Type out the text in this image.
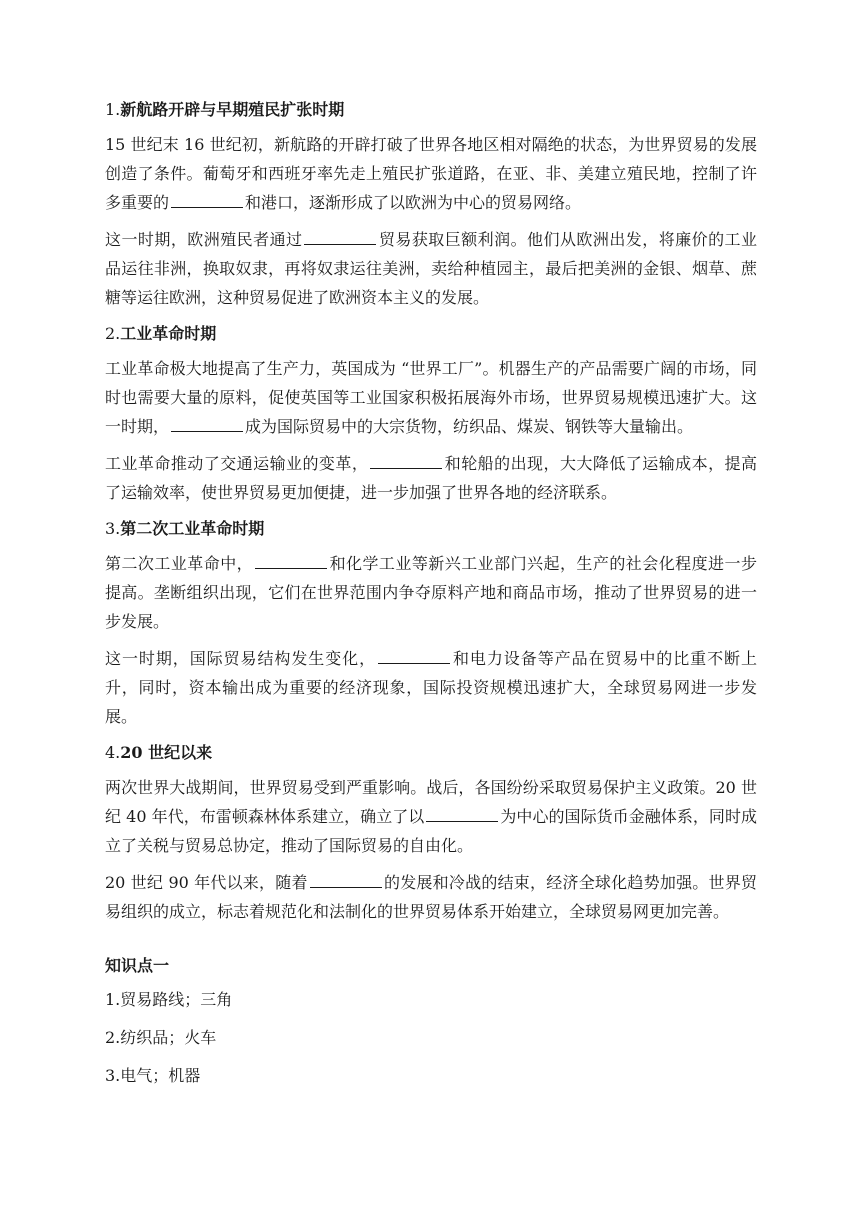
1.新航路开辟与早期殖民扩张时期

15 世纪末 16 世纪初，新航路的开辟打破了世界各地区相对隔绝的状态，为世界贸易的发展创造了条件。葡萄牙和西班牙率先走上殖民扩张道路，在亚、非、美建立殖民地，控制了许多重要的	和港口，逐渐形成了以欧洲为中心的贸易网络。

这一时期，欧洲殖民者通过	贸易获取巨额利润。他们从欧洲出发，将廉价的工业品运往非洲，换取奴隶，再将奴隶运往美洲，卖给种植园主，最后把美洲的金银、烟草、蔗糖等运往欧洲，这种贸易促进了欧洲资本主义的发展。

2.工业革命时期

工业革命极大地提高了生产力，英国成为 “世界工厂”。机器生产的产品需要广阔的市场，同时也需要大量的原料，促使英国等工业国家积极拓展海外市场，世界贸易规模迅速扩大。这一时期，	成为国际贸易中的大宗货物，纺织品、煤炭、钢铁等大量输出。

工业革命推动了交通运输业的变革，	和轮船的出现，大大降低了运输成本，提高了运输效率，使世界贸易更加便捷，进一步加强了世界各地的经济联系。

3.第二次工业革命时期

第二次工业革命中，	和化学工业等新兴工业部门兴起，生产的社会化程度进一步提高。垄断组织出现，它们在世界范围内争夺原料产地和商品市场，推动了世界贸易的进一步发展。

这一时期，国际贸易结构发生变化，	和电力设备等产品在贸易中的比重不断上升，同时，资本输出成为重要的经济现象，国际投资规模迅速扩大，全球贸易网进一步发展。

4.20 世纪以来

两次世界大战期间，世界贸易受到严重影响。战后，各国纷纷采取贸易保护主义政策。20 世纪 40 年代，布雷顿森林体系建立，确立了以	为中心的国际货币金融体系，同时成立了关税与贸易总协定，推动了国际贸易的自由化。

20 世纪 90 年代以来，随着	的发展和冷战的结束，经济全球化趋势加强。世界贸易组织的成立，标志着规范化和法制化的世界贸易体系开始建立，全球贸易网更加完善。

知识点一
1.贸易路线；三角
2.纺织品；火车
3.电气；机器
